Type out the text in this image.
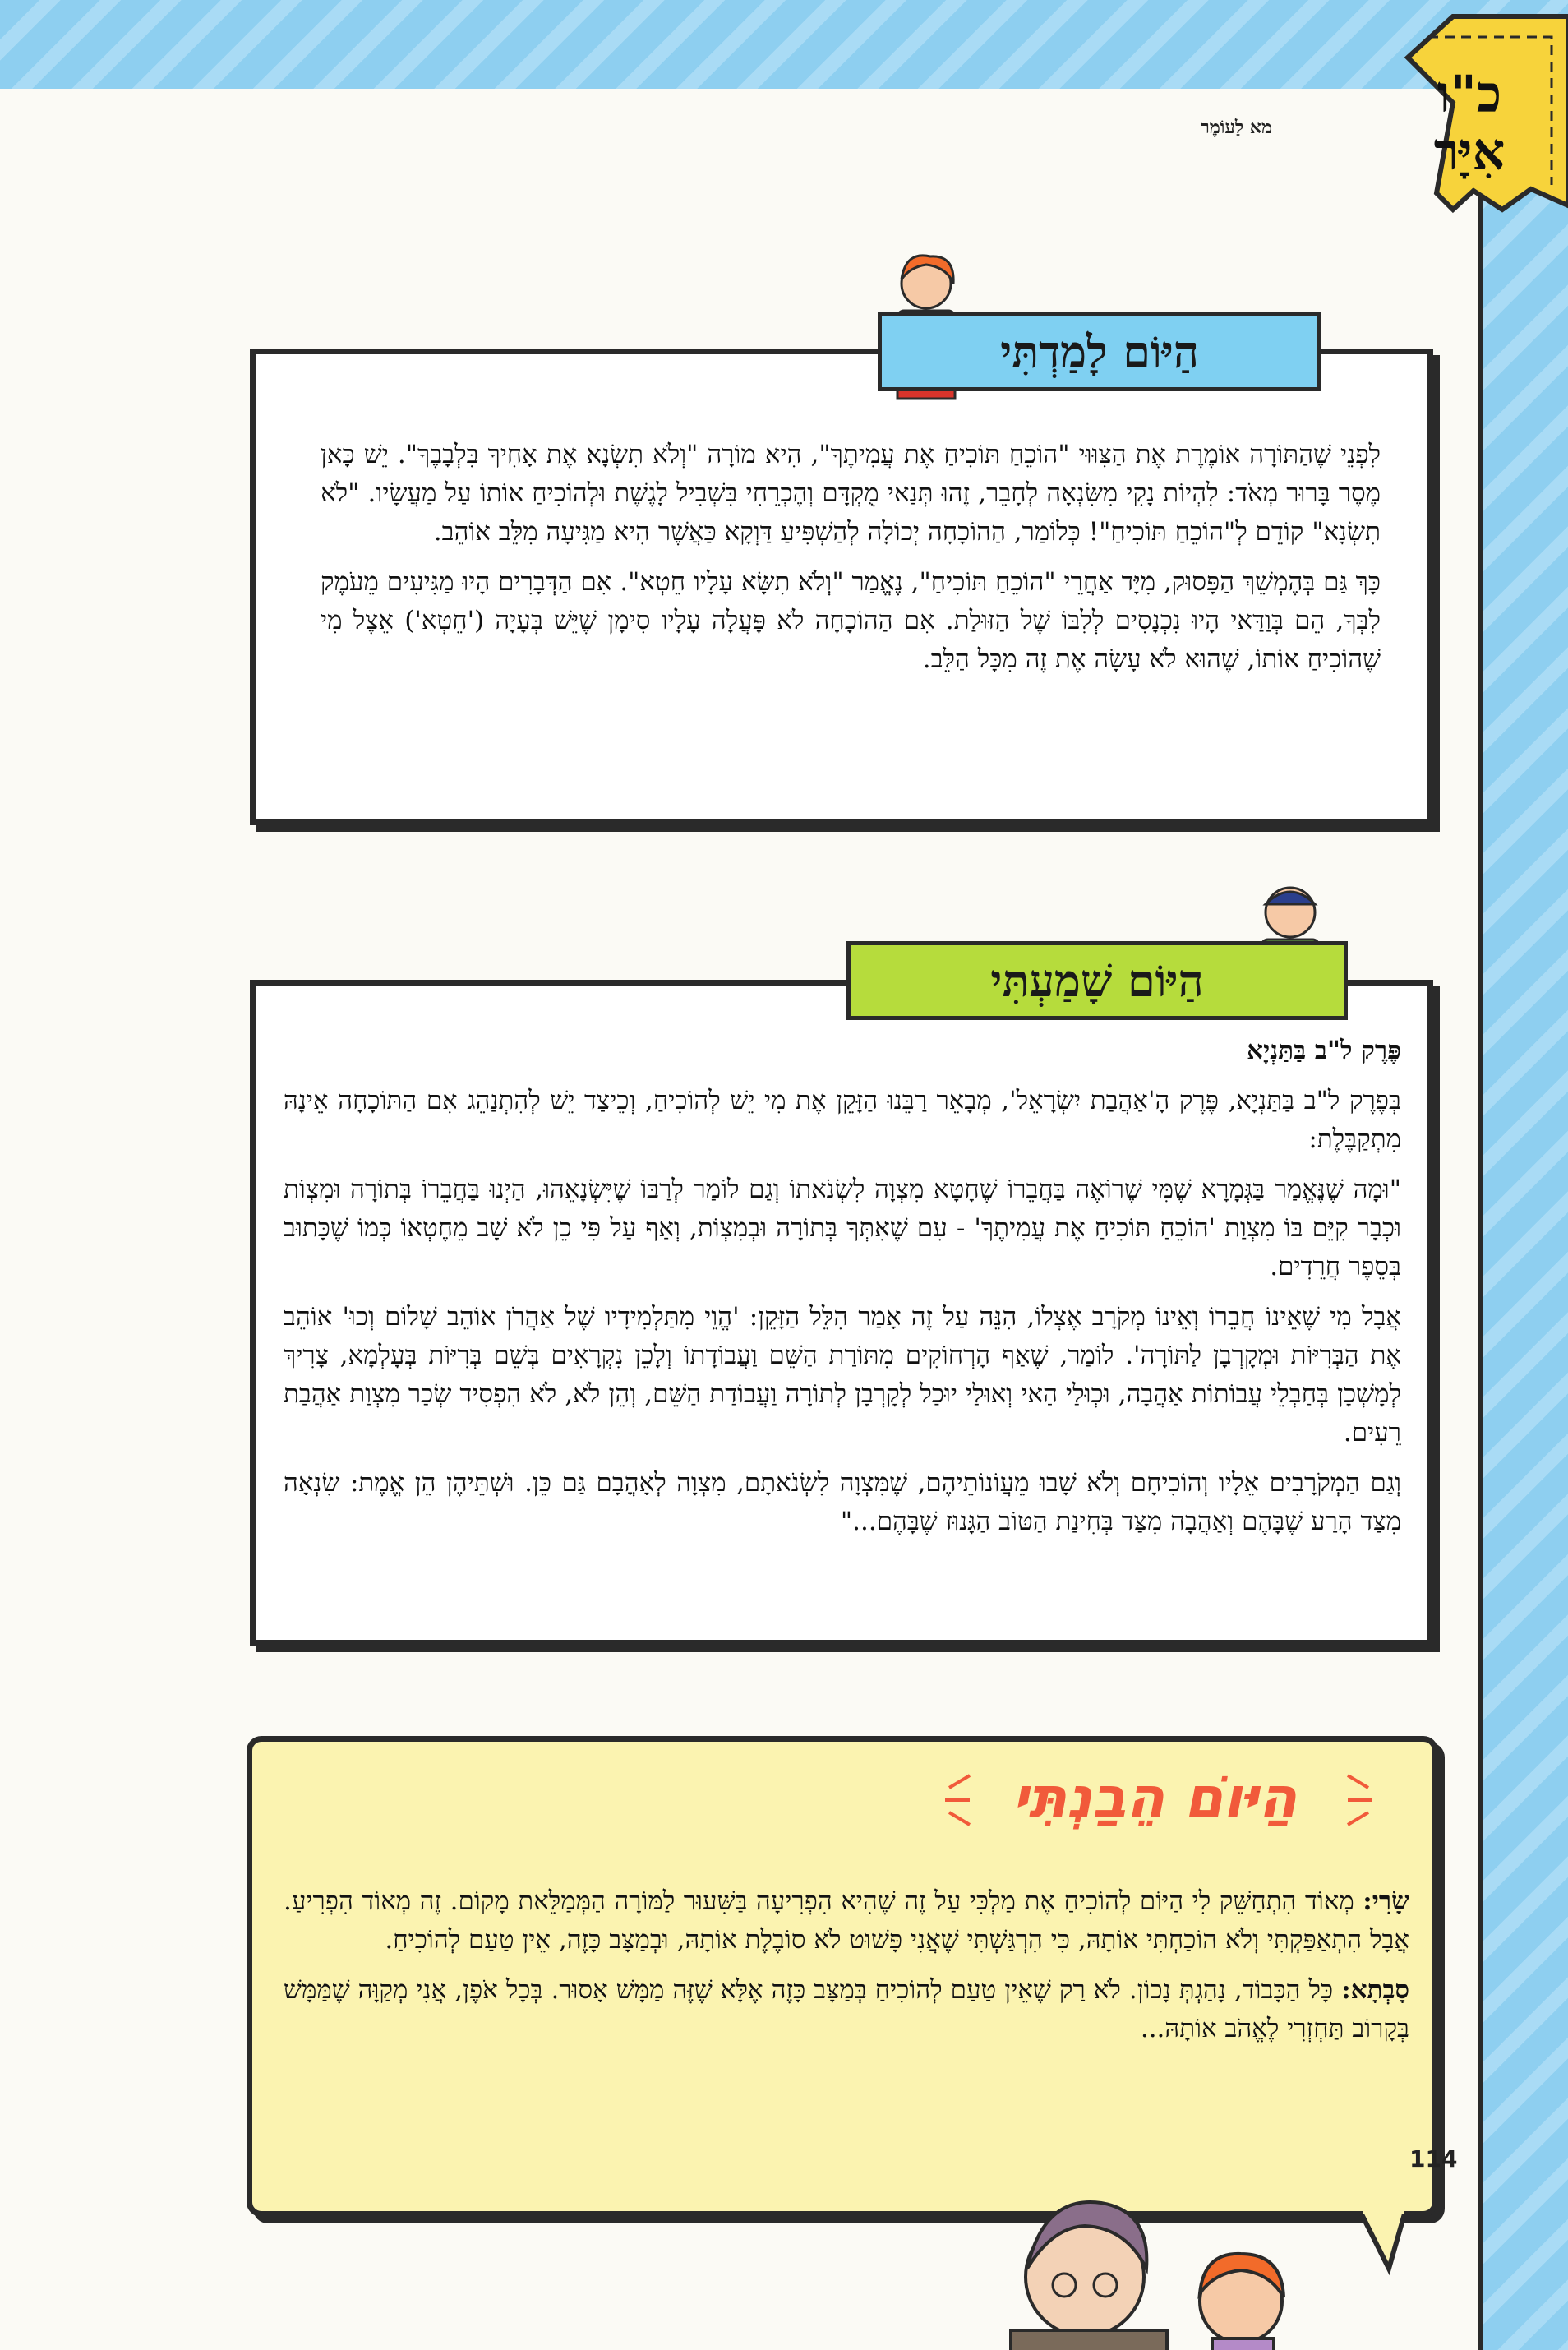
מא לָעוֹמֶר
כ"ו
אִיָּר
הַיּוֹם לָמַדְתִּי

לִפְנֵי שֶׁהַתּוֹרָה אוֹמֶרֶת אֶת הַצִּוּוּי "הוֹכֵחַ תּוֹכִיחַ אֶת עֲמִיתֶךָ", הִיא מוֹרָה "וְלֹא תִשְׂנָא אֶת אָחִיךָ בִּלְבָבֶךָ". יֵשׁ כָּאן מֶסֶר בָּרוּר מְאֹד: לִהְיוֹת נָקִי מִשִּׂנְאָה לְחָבֵר, זֶהוּ תְּנַאי מֻקְדָּם וְהֶכְרֵחִי בִּשְׁבִיל לָגֶשֶׁת וּלְהוֹכִיחַ אוֹתוֹ עַל מַעֲשָׂיו. "לֹא תִשְׂנָא" קוֹדֵם לְ"הוֹכֵחַ תּוֹכִיחַ"! כְּלוֹמַר, הַהוֹכָחָה יְכוֹלָה לְהַשְׁפִּיעַ דַּוְקָא כַּאֲשֶׁר הִיא מַגִּיעָה מִלֵּב אוֹהֵב.

כָּךְ גַּם בְּהֶמְשֵׁךְ הַפָּסוּק, מִיָּד אַחֲרֵי "הוֹכֵחַ תּוֹכִיחַ", נֶאֱמַר "וְלֹא תִשָּׂא עָלָיו חֵטְא". אִם הַדְּבָרִים הָיוּ מַגִּיעִים מֵעֹמֶק לִבְּךָ, הֵם בְּוַדַּאי הָיוּ נִכְנָסִים לְלִבּוֹ שֶׁל הַזּוּלַת. אִם הַהוֹכָחָה לֹא פָּעֲלָה עָלָיו סִימָן שֶׁיֵּשׁ בְּעָיָה ('חֵטְא') אֵצֶל מִי שֶׁהוֹכִיחַ אוֹתוֹ, שֶׁהוּא לֹא עָשָׂה אֶת זֶה מִכָּל הַלֵּב.

הַיּוֹם שָׁמַעְתִּי

פֶּרֶק ל"ב בַּתַּנְיָא

בְּפֶרֶק ל"ב בַּתַּנְיָא, פֶּרֶק הָ'אַהֲבַת יִשְׂרָאֵל', מְבָאֵר רַבֵּנוּ הַזָּקֵן אֶת מִי יֵשׁ לְהוֹכִיחַ, וְכֵיצַד יֵשׁ לְהִתְנַהֵג אִם הַתּוֹכָחָה אֵינָהּ מִתְקַבֶּלֶת:

"וּמָה שֶׁנֶּאֱמַר בַּגְּמָרָא שֶׁמִּי שֶׁרוֹאֶה בַּחֲבֵרוֹ שֶׁחָטָא מִצְוָה לִשְׂנֹאתוֹ וְגַם לוֹמַר לְרַבּוֹ שֶׁיִּשְׂנָאֵהוּ, הַיְנוּ בַּחֲבֵרוֹ בְּתוֹרָה וּמִצְוֹת וּכְבָר קִיֵּם בּוֹ מִצְוַת 'הוֹכֵחַ תּוֹכִיחַ אֶת עֲמִיתֶךָ' - עִם שֶׁאִתְּךָ בְּתוֹרָה וּבְמִצְוֹת, וְאַף עַל פִּי כֵן לֹא שָׁב מֵחֶטְאוֹ כְּמוֹ שֶׁכָּתוּב בְּסֵפֶר חֲרֵדִים.

אֲבָל מִי שֶׁאֵינוֹ חֲבֵרוֹ וְאֵינוֹ מְקֹרָב אֶצְלוֹ, הִנֵּה עַל זֶה אָמַר הִלֵּל הַזָּקֵן: 'הֱוֵי מִתַּלְמִידָיו שֶׁל אַהֲרֹן אוֹהֵב שָׁלוֹם וְכוּ' אוֹהֵב אֶת הַבְּרִיּוֹת וּמְקָרְבָן לַתּוֹרָה'. לוֹמַר, שֶׁאַף הָרְחוֹקִים מִתּוֹרַת הַשֵּׁם וַעֲבוֹדָתוֹ וְלָכֵן נִקְרָאִים בְּשֵׁם בְּרִיּוֹת בְּעָלְמָא, צָרִיךְ לְמָשְׁכָן בְּחַבְלֵי עֲבוֹתוֹת אַהֲבָה, וּכְוּלַי הַאי וְאוּלַי יוּכַל לְקָרְבָן לְתוֹרָה וַעֲבוֹדַת הַשֵּׁם, וְהֵן לֹא, לֹא הִפְסִיד שְׂכַר מִצְוַת אַהֲבַת רֵעִים.

וְגַם הַמְקֹרָבִים אֵלָיו וְהוֹכִיחָם וְלֹא שָׁבוּ מֵעֲוֹנוֹתֵיהֶם, שֶׁמִּצְוָה לִשְׂנֹאתָם, מִצְוָה לְאָהֳבָם גַּם כֵּן. וּשְׁתֵּיהֶן הֵן אֱמֶת: שִׂנְאָה מִצַּד הָרַע שֶׁבָּהֶם וְאַהֲבָה מִצַּד בְּחִינַת הַטּוֹב הַגָּנוּז שֶׁבָּהֶם..."

הַיּוֹם הֵבַנְתִּי

שָׂרִי: מְאוֹד הִתְחַשֵּׁק לִי הַיּוֹם לְהוֹכִיחַ אֶת מַלְכִּי עַל זֶה שֶׁהִיא הִפְרִיעָה בַּשִּׁעוּר לַמּוֹרָה הַמְּמַלֵּאת מָקוֹם. זֶה מְאוֹד הִפְרִיעַ. אֲבָל הִתְאַפַּקְתִּי וְלֹא הוֹכַחְתִּי אוֹתָהּ, כִּי הִרְגַּשְׁתִּי שֶׁאֲנִי פָּשׁוּט לֹא סוֹבֶלֶת אוֹתָהּ, וּבְמַצָּב כָּזֶה, אֵין טַעַם לְהוֹכִיחַ.

סָבְתָא: כָּל הַכָּבוֹד, נָהַגְתְּ נָכוֹן. לֹא רַק שֶׁאֵין טַעַם לְהוֹכִיחַ בְּמַצָּב כָּזֶה אֶלָּא שֶׁזֶּה מַמָּשׁ אָסוּר. בְּכָל אֹפֶן, אֲנִי מְקַוָּה שֶׁמַּמָּשׁ בְּקָרוֹב תַּחְזְרִי לֶאֱהֹב אוֹתָהּ...

114
